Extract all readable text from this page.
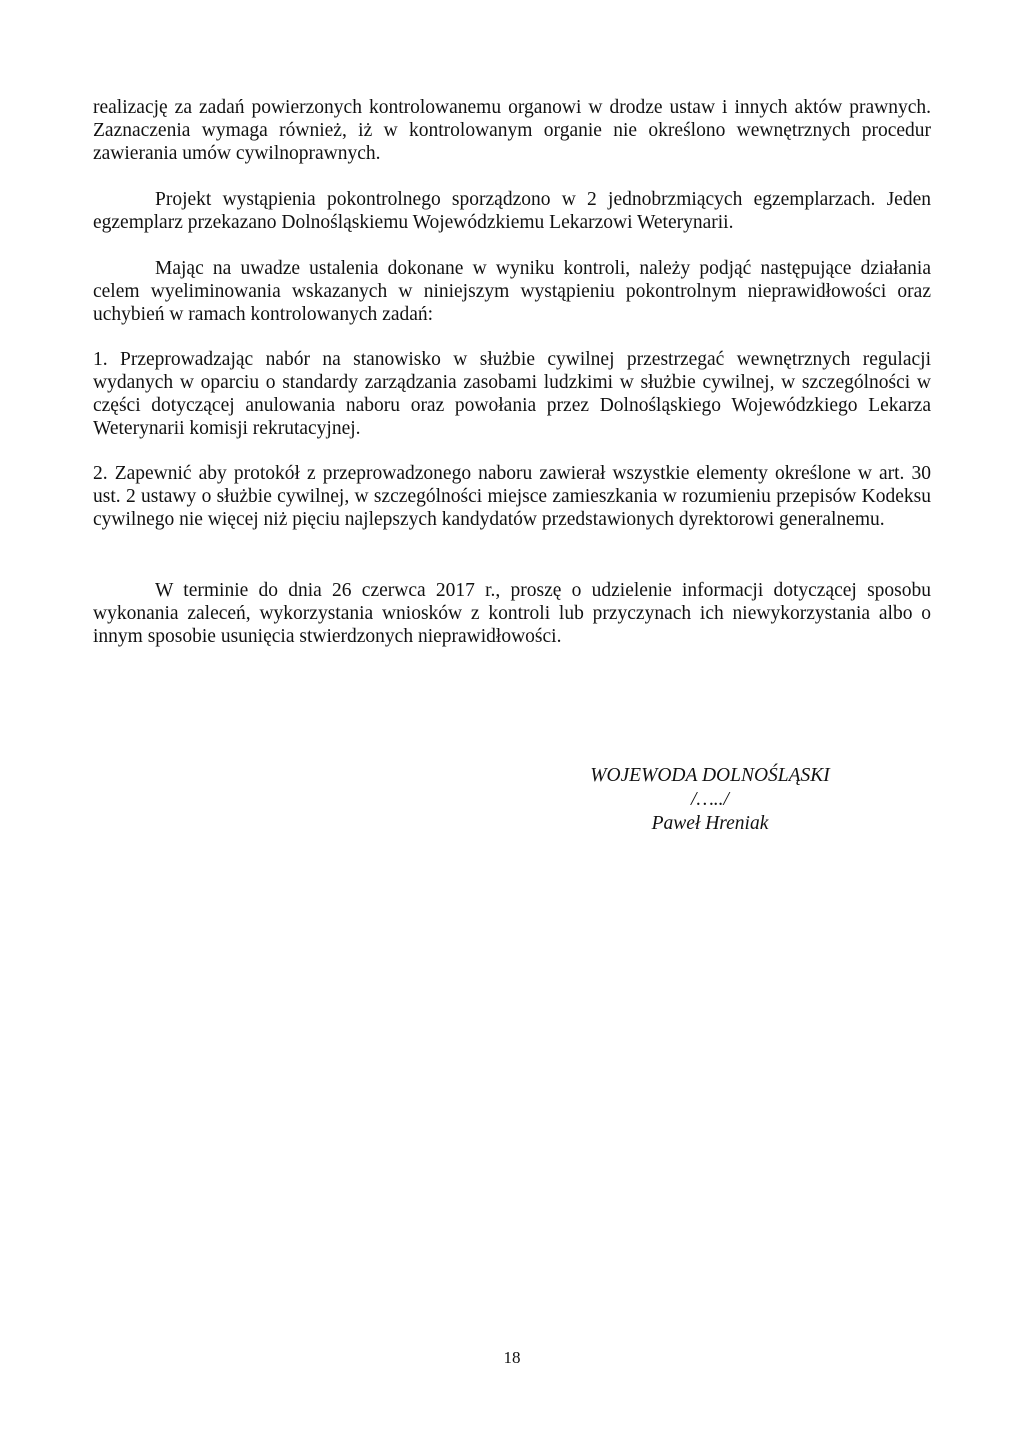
realizację za zadań powierzonych kontrolowanemu organowi w drodze ustaw i innych aktów prawnych. Zaznaczenia wymaga również, iż w kontrolowanym organie nie określono wewnętrznych procedur zawierania umów cywilnoprawnych.

Projekt wystąpienia pokontrolnego sporządzono w 2 jednobrzmiących egzemplarzach. Jeden egzemplarz przekazano Dolnośląskiemu Wojewódzkiemu Lekarzowi Weterynarii.

Mając na uwadze ustalenia dokonane w wyniku kontroli, należy podjąć następujące działania celem wyeliminowania wskazanych w niniejszym wystąpieniu pokontrolnym nieprawidłowości oraz uchybień w ramach kontrolowanych zadań:

1. Przeprowadzając nabór na stanowisko w służbie cywilnej przestrzegać wewnętrznych regulacji wydanych w oparciu o standardy zarządzania zasobami ludzkimi w służbie cywilnej, w szczególności w części dotyczącej anulowania naboru oraz powołania przez Dolnośląskiego Wojewódzkiego Lekarza Weterynarii komisji rekrutacyjnej.

2. Zapewnić aby protokół z przeprowadzonego naboru zawierał wszystkie elementy określone w art. 30 ust. 2 ustawy o służbie cywilnej, w szczególności miejsce zamieszkania w rozumieniu przepisów Kodeksu cywilnego nie więcej niż pięciu najlepszych kandydatów przedstawionych dyrektorowi generalnemu.

W terminie do dnia 26 czerwca 2017 r., proszę o udzielenie informacji dotyczącej sposobu wykonania zaleceń, wykorzystania wniosków z kontroli lub przyczynach ich niewykorzystania albo o innym sposobie usunięcia stwierdzonych nieprawidłowości.

WOJEWODA DOLNOŚLĄSKI
/…../
Paweł Hreniak
18
